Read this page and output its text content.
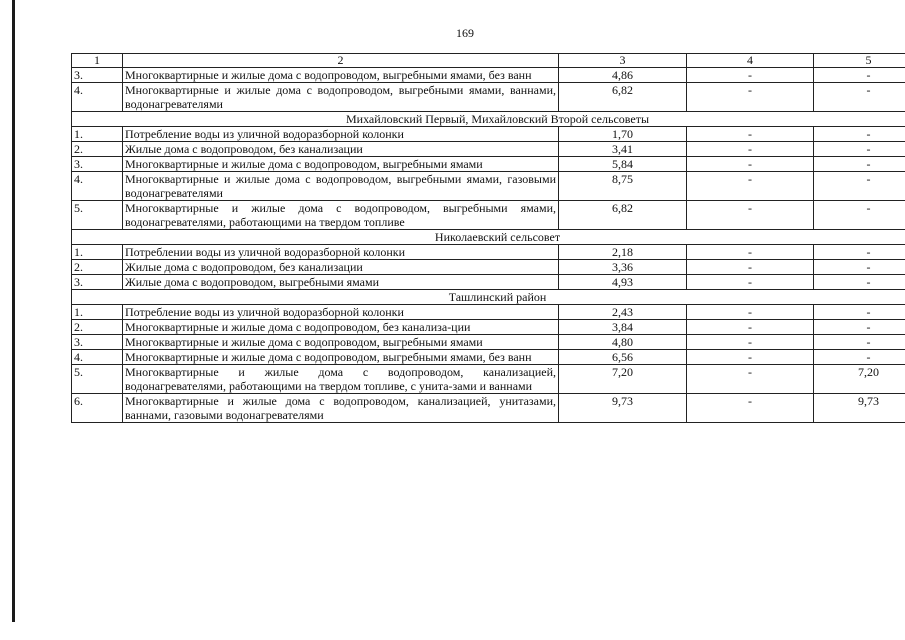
169
1	2	3	4	5
3.	Многоквартирные и жилые дома с водопроводом, выгребными ямами, без ванн	4,86	-	-
4.	Многоквартирные и жилые дома с водопроводом, выгребными ямами, ваннами, водонагревателями	6,82	-	-
Михайловский Первый, Михайловский Второй сельсоветы				
1.	Потребление воды из уличной водоразборной колонки	1,70	-	-
2.	Жилые дома с водопроводом, без канализации	3,41	-	-
3.	Многоквартирные и жилые дома с водопроводом, выгребными ямами	5,84	-	-
4.	Многоквартирные и жилые дома с водопроводом, выгребными ямами, газовыми водонагревателями	8,75	-	-
5.	Многоквартирные и жилые дома с водопроводом, выгребными ямами, водонагревателями, работающими на твердом топливе	6,82	-	-
Николаевский сельсовет				
1.	Потреблении воды из уличной водоразборной колонки	2,18	-	-
2.	Жилые дома с водопроводом, без канализации	3,36	-	-
3.	Жилые дома с водопроводом, выгребными ямами	4,93	-	-
Ташлинский район				
1.	Потребление воды из уличной водоразборной колонки	2,43	-	-
2.	Многоквартирные и жилые дома с водопроводом, без канализа-ции	3,84	-	-
3.	Многоквартирные и жилые дома с водопроводом, выгребными ямами	4,80	-	-
4.	Многоквартирные и жилые дома с водопроводом, выгребными ямами, без ванн	6,56	-	-
5.	Многоквартирные и жилые дома с водопроводом, канализацией, водонагревателями, работающими на твердом топливе, с унита-зами и ваннами	7,20	-	7,20
6.	Многоквартирные и жилые дома с водопроводом, канализацией, унитазами, ваннами, газовыми водонагревателями	9,73	-	9,73
